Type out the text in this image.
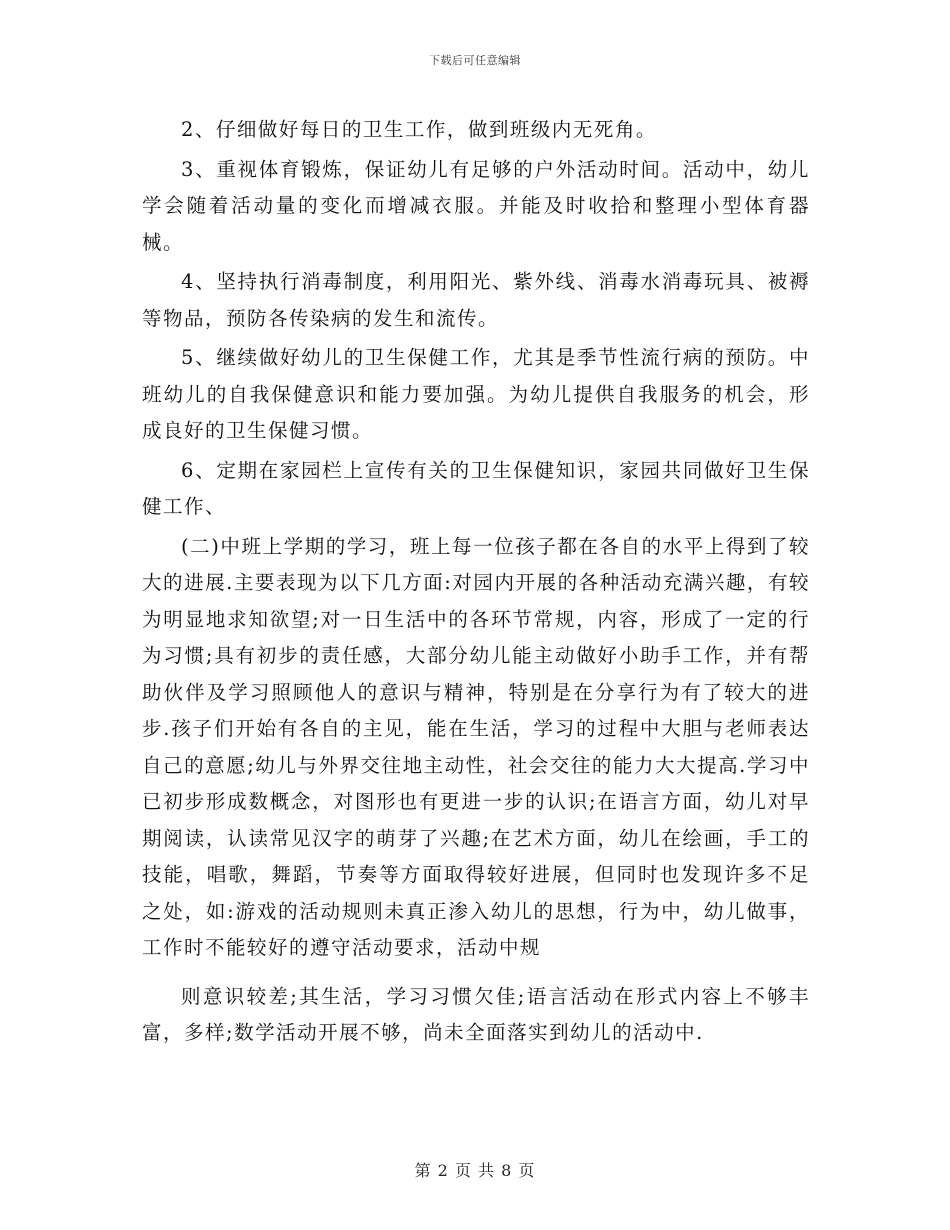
下载后可任意编辑

2、仔细做好每日的卫生工作，做到班级内无死角。

3、重视体育锻炼，保证幼儿有足够的户外活动时间。活动中，幼儿学会随着活动量的变化而增减衣服。并能及时收拾和整理小型体育器械。

4、坚持执行消毒制度，利用阳光、紫外线、消毒水消毒玩具、被褥等物品，预防各传染病的发生和流传。

5、继续做好幼儿的卫生保健工作，尤其是季节性流行病的预防。中班幼儿的自我保健意识和能力要加强。为幼儿提供自我服务的机会，形成良好的卫生保健习惯。

6、定期在家园栏上宣传有关的卫生保健知识，家园共同做好卫生保健工作、

(二)中班上学期的学习，班上每一位孩子都在各自的水平上得到了较大的进展.主要表现为以下几方面:对园内开展的各种活动充满兴趣，有较为明显地求知欲望;对一日生活中的各环节常规，内容，形成了一定的行为习惯;具有初步的责任感，大部分幼儿能主动做好小助手工作，并有帮助伙伴及学习照顾他人的意识与精神，特别是在分享行为有了较大的进步.孩子们开始有各自的主见，能在生活，学习的过程中大胆与老师表达自己的意愿;幼儿与外界交往地主动性，社会交往的能力大大提高.学习中已初步形成数概念，对图形也有更进一步的认识;在语言方面，幼儿对早期阅读，认读常见汉字的萌芽了兴趣;在艺术方面，幼儿在绘画，手工的技能，唱歌，舞蹈，节奏等方面取得较好进展，但同时也发现许多不足之处，如:游戏的活动规则未真正渗入幼儿的思想，行为中，幼儿做事，工作时不能较好的遵守活动要求，活动中规

则意识较差;其生活，学习习惯欠佳;语言活动在形式内容上不够丰富，多样;数学活动开展不够，尚未全面落实到幼儿的活动中.

第 2 页 共 8 页
